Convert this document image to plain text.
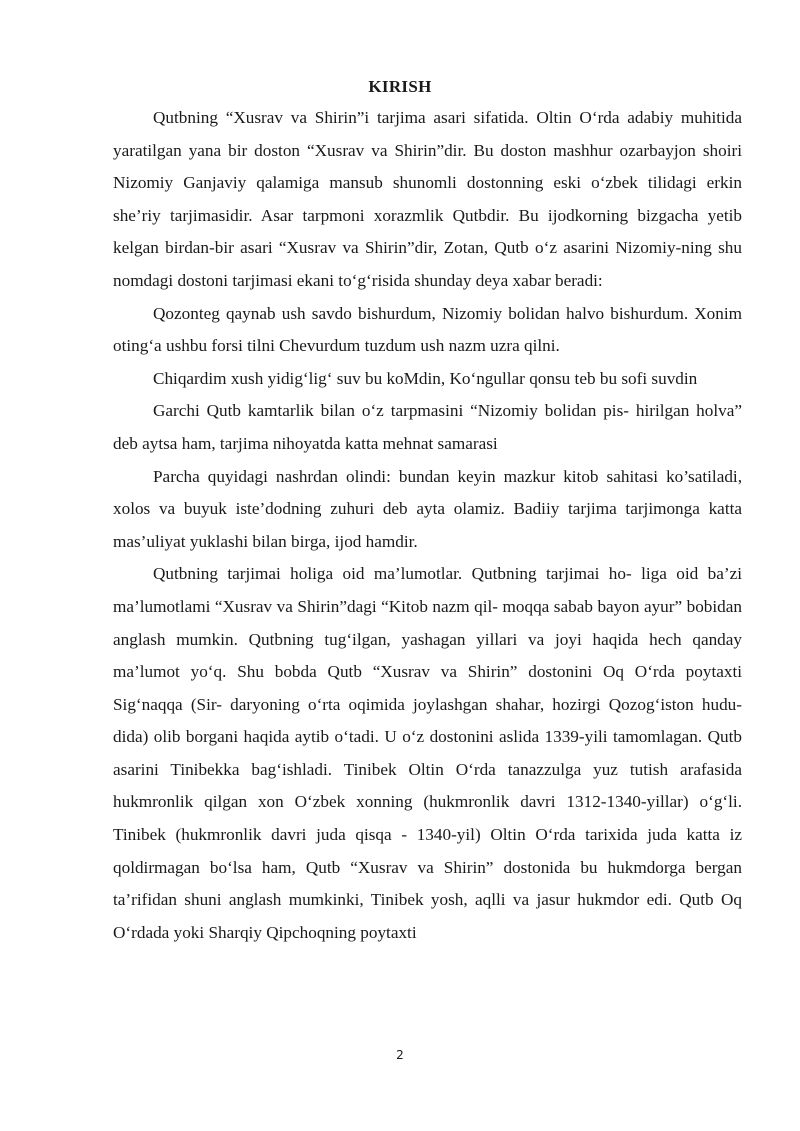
KIRISH

Qutbning “Xusrav va Shirin”i tarjima asari sifatida. Oltin O‘rda adabiy muhitida yaratilgan yana bir doston “Xusrav va Shirin”dir. Bu doston mashhur ozarbayjon shoiri Nizomiy Ganjaviy qalamiga mansub shunomli dostonning eski o‘zbek tilidagi erkin she’riy tarjimasidir. Asar tarpmoni xorazmlik Qutbdir. Bu ijodkorning bizgacha yetib kelgan birdan-bir asari “Xusrav va Shirin”dir, Zotan, Qutb o‘z asarini Nizomiy-ning shu nomdagi dostoni tarjimasi ekani to‘g‘risida shunday deya xabar beradi:

Qozonteg qaynab ush savdo bishurdum, Nizomiy bolidan halvo bishurdum. Xonim oting‘a ushbu forsi tilni Chevurdum tuzdum ush nazm uzra qilni.

Chiqardim xush yidig‘lig‘ suv bu koMdin, Ko‘ngullar qonsu teb bu sofi suvdin

Garchi Qutb kamtarlik bilan o‘z tarpmasini “Nizomiy bolidan pis- hirilgan holva” deb aytsa ham, tarjima nihoyatda katta mehnat samarasi

Parcha quyidagi nashrdan olindi: bundan keyin mazkur kitob sahitasi ko’satiladi, xolos va buyuk iste’dodning zuhuri deb ayta olamiz. Badiiy tarjima tarjimonga katta mas’uliyat yuklashi bilan birga, ijod hamdir.

Qutbning tarjimai holiga oid ma’lumotlar. Qutbning tarjimai ho- liga oid ba’zi ma’lumotlami “Xusrav va Shirin”dagi “Kitob nazm qil- moqqa sabab bayon ayur” bobidan anglash mumkin. Qutbning tug‘ilgan, yashagan yillari va joyi haqida hech qanday ma’lumot yo‘q. Shu bobda Qutb “Xusrav va Shirin” dostonini Oq O‘rda poytaxti Sig‘naqqa (Sir- daryoning o‘rta oqimida joylashgan shahar, hozirgi Qozog‘iston hudu- dida) olib borgani haqida aytib o‘tadi. U o‘z dostonini aslida 1339-yili tamomlagan. Qutb asarini Tinibekka bag‘ishladi. Tinibek Oltin O‘rda tanazzulga yuz tutish arafasida hukmronlik qilgan xon O‘zbek xonning (hukmronlik davri 1312-1340-yillar) o‘g‘li. Tinibek (hukmronlik davri juda qisqa - 1340-yil) Oltin O‘rda tarixida juda katta iz qoldirmagan bo‘lsa ham, Qutb “Xusrav va Shirin” dostonida bu hukmdorga bergan ta’rifidan shuni anglash mumkinki, Tinibek yosh, aqlli va jasur hukmdor edi. Qutb Oq O‘rdada yoki Sharqiy Qipchoqning poytaxti

2
